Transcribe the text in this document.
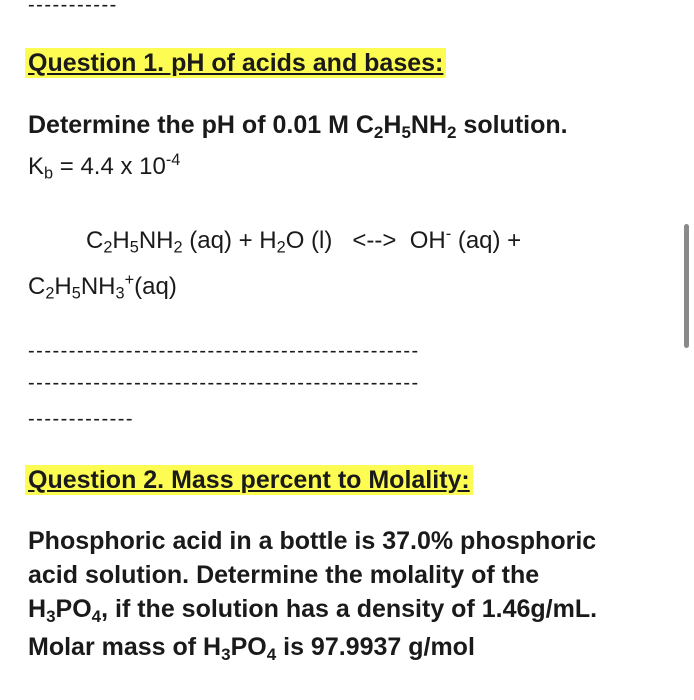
-----------
Question 1. pH of acids and bases:
Determine the pH of 0.01 M $C_2H_5NH_2$ solution.
$K_b = 4.4$ x $10^{-4}$
$C_2H_5NH_2$ $(aq) + H_2O$ (l)   <-->  OH- (aq) +
$C_2H_5NH_3^+(aq)$
------------------------------------------------
------------------------------------------------
-------------
Question 2. Mass percent to Molality:
Phosphoric acid in a bottle is 37.0% phosphoric
acid solution. Determine the molality of the
$H_3PO_4$, if the solution has a density of 1.46g/mL.
Molar mass of $H_3PO_4$ is 97.9937 g/mol
